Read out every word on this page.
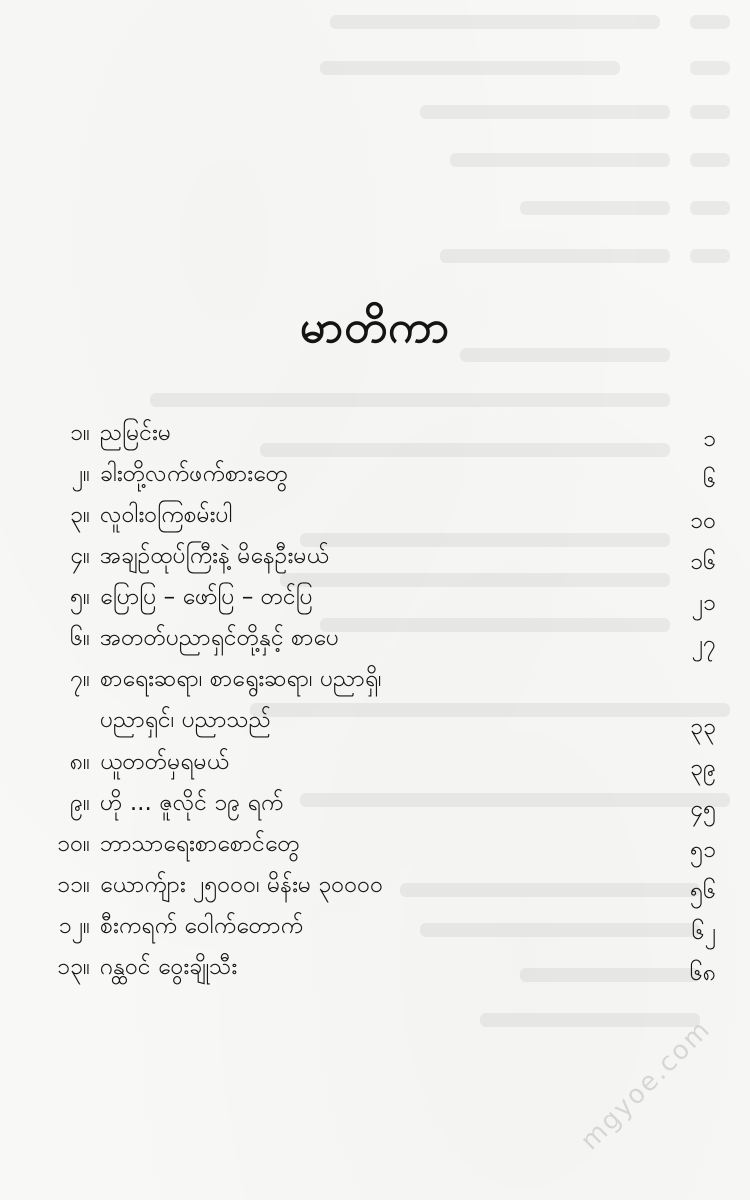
မာတိကာ
၁။ ညမြင်းမ	၁
၂။ ခါးတို့လက်ဖက်စားတွေ	၆
၃။ လူဝါးဝကြစမ်းပါ	၁၀
၄။ အချဉ်ထုပ်ကြီးနဲ့ မိနေဦးမယ်	၁၆
၅။ ပြောပြ – ဖော်ပြ – တင်ပြ	၂၁
၆။ အတတ်ပညာရှင်တို့နှင့် စာပေ	၂၇
၇။ စာရေးဆရာ၊ စာရွေးဆရာ၊ ပညာရှိ၊
ပညာရှင်၊ ပညာသည်	၃၃
၈။ ယူတတ်မှရမယ်	၃၉
၉။ ဟို ... ဇူလိုင် ၁၉ ရက်	၄၅
၁၀။ ဘာသာရေးစာစောင်တွေ	၅၁
၁၁။ ယောက်ျား ၂၅၀၀၀၊ မိန်းမ ၃၀၀၀၀	၅၆
၁၂။ စီးကရက် ဝေါက်တောက်	၆၂
၁၃။ ဂန္ထဝင် ဝွေးချိုသီး	၆၈
mgyoe.com
